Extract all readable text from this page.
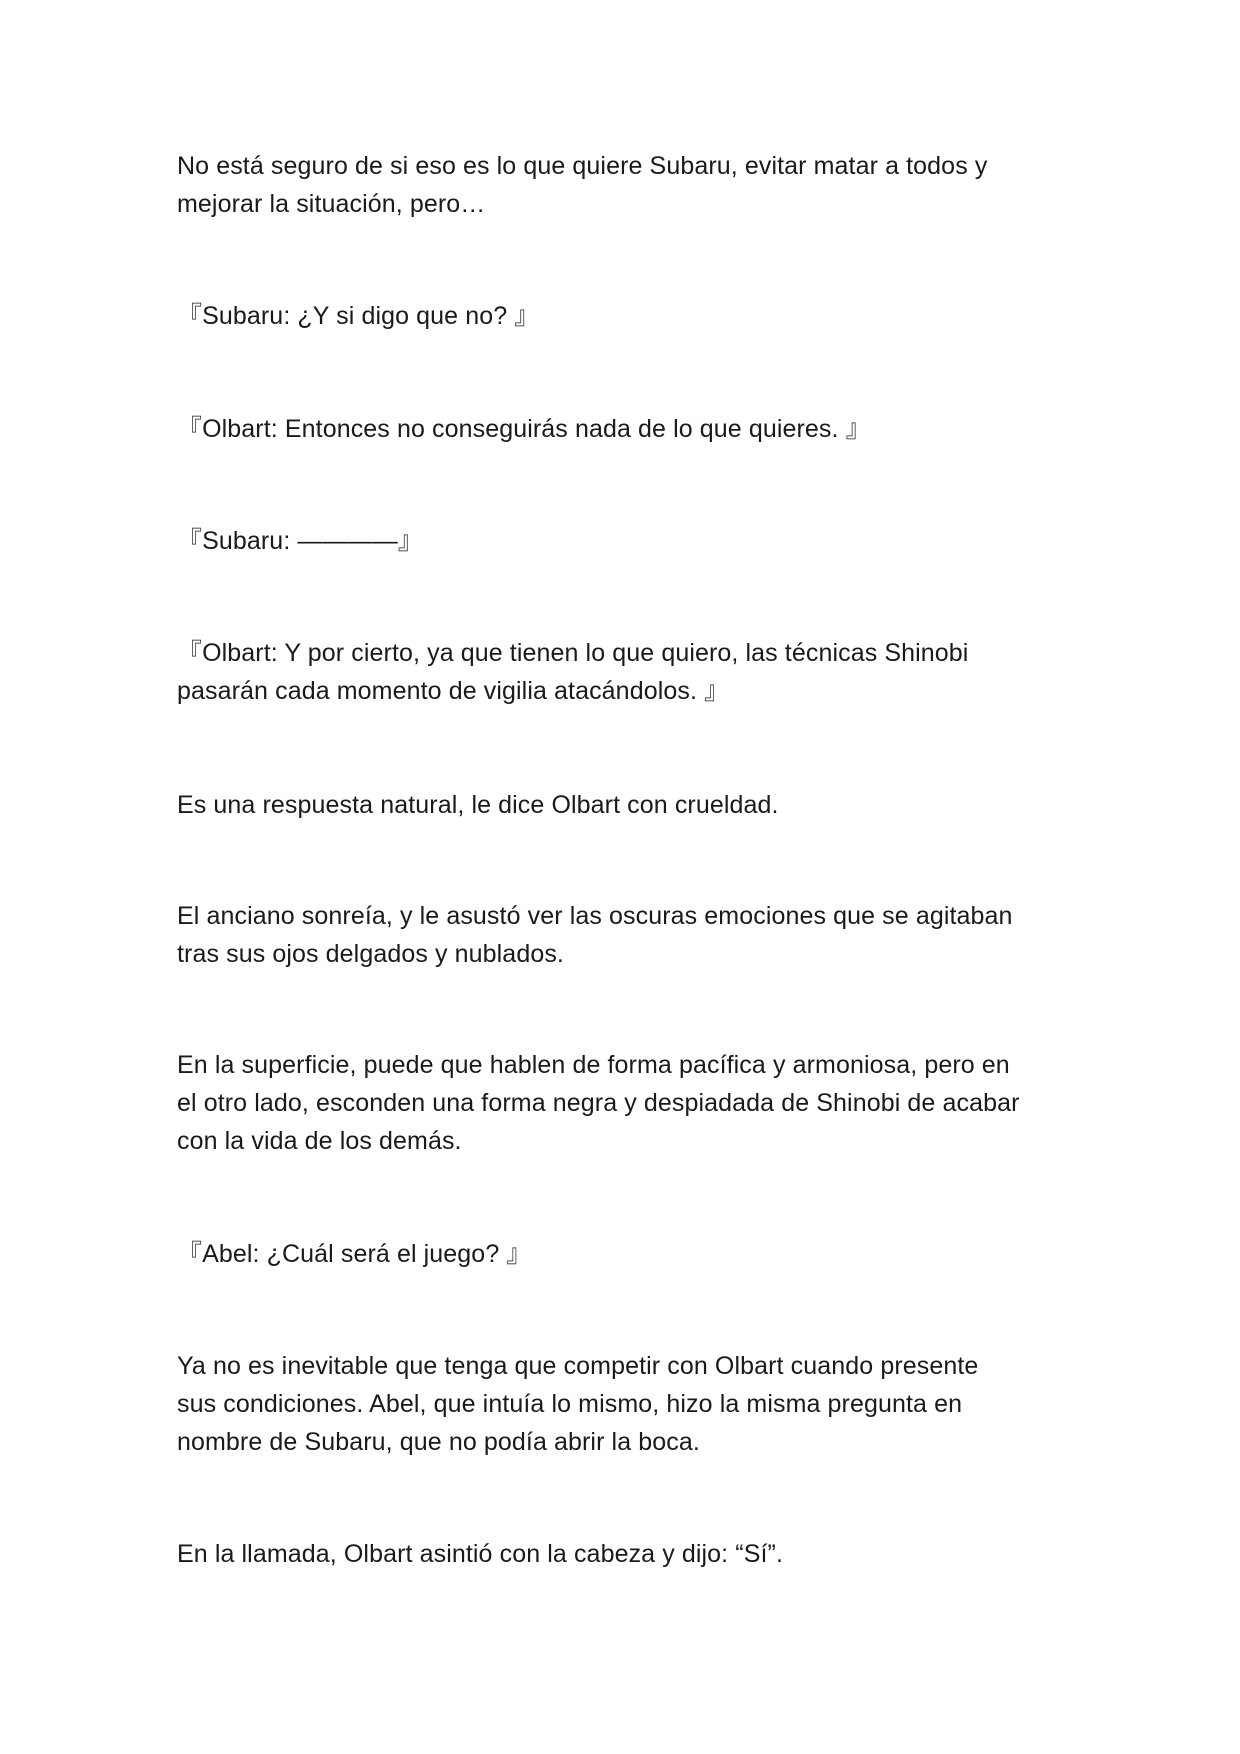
No está seguro de si eso es lo que quiere Subaru, evitar matar a todos y
mejorar la situación, pero…

『Subaru: ¿Y si digo que no? 』

『Olbart: Entonces no conseguirás nada de lo que quieres. 』

『Subaru: ————』

『Olbart: Y por cierto, ya que tienen lo que quiero, las técnicas Shinobi
pasarán cada momento de vigilia atacándolos. 』

Es una respuesta natural, le dice Olbart con crueldad.

El anciano sonreía, y le asustó ver las oscuras emociones que se agitaban
tras sus ojos delgados y nublados.

En la superficie, puede que hablen de forma pacífica y armoniosa, pero en
el otro lado, esconden una forma negra y despiadada de Shinobi de acabar
con la vida de los demás.

『Abel: ¿Cuál será el juego? 』

Ya no es inevitable que tenga que competir con Olbart cuando presente
sus condiciones. Abel, que intuía lo mismo, hizo la misma pregunta en
nombre de Subaru, que no podía abrir la boca.

En la llamada, Olbart asintió con la cabeza y dijo: “Sí”.
